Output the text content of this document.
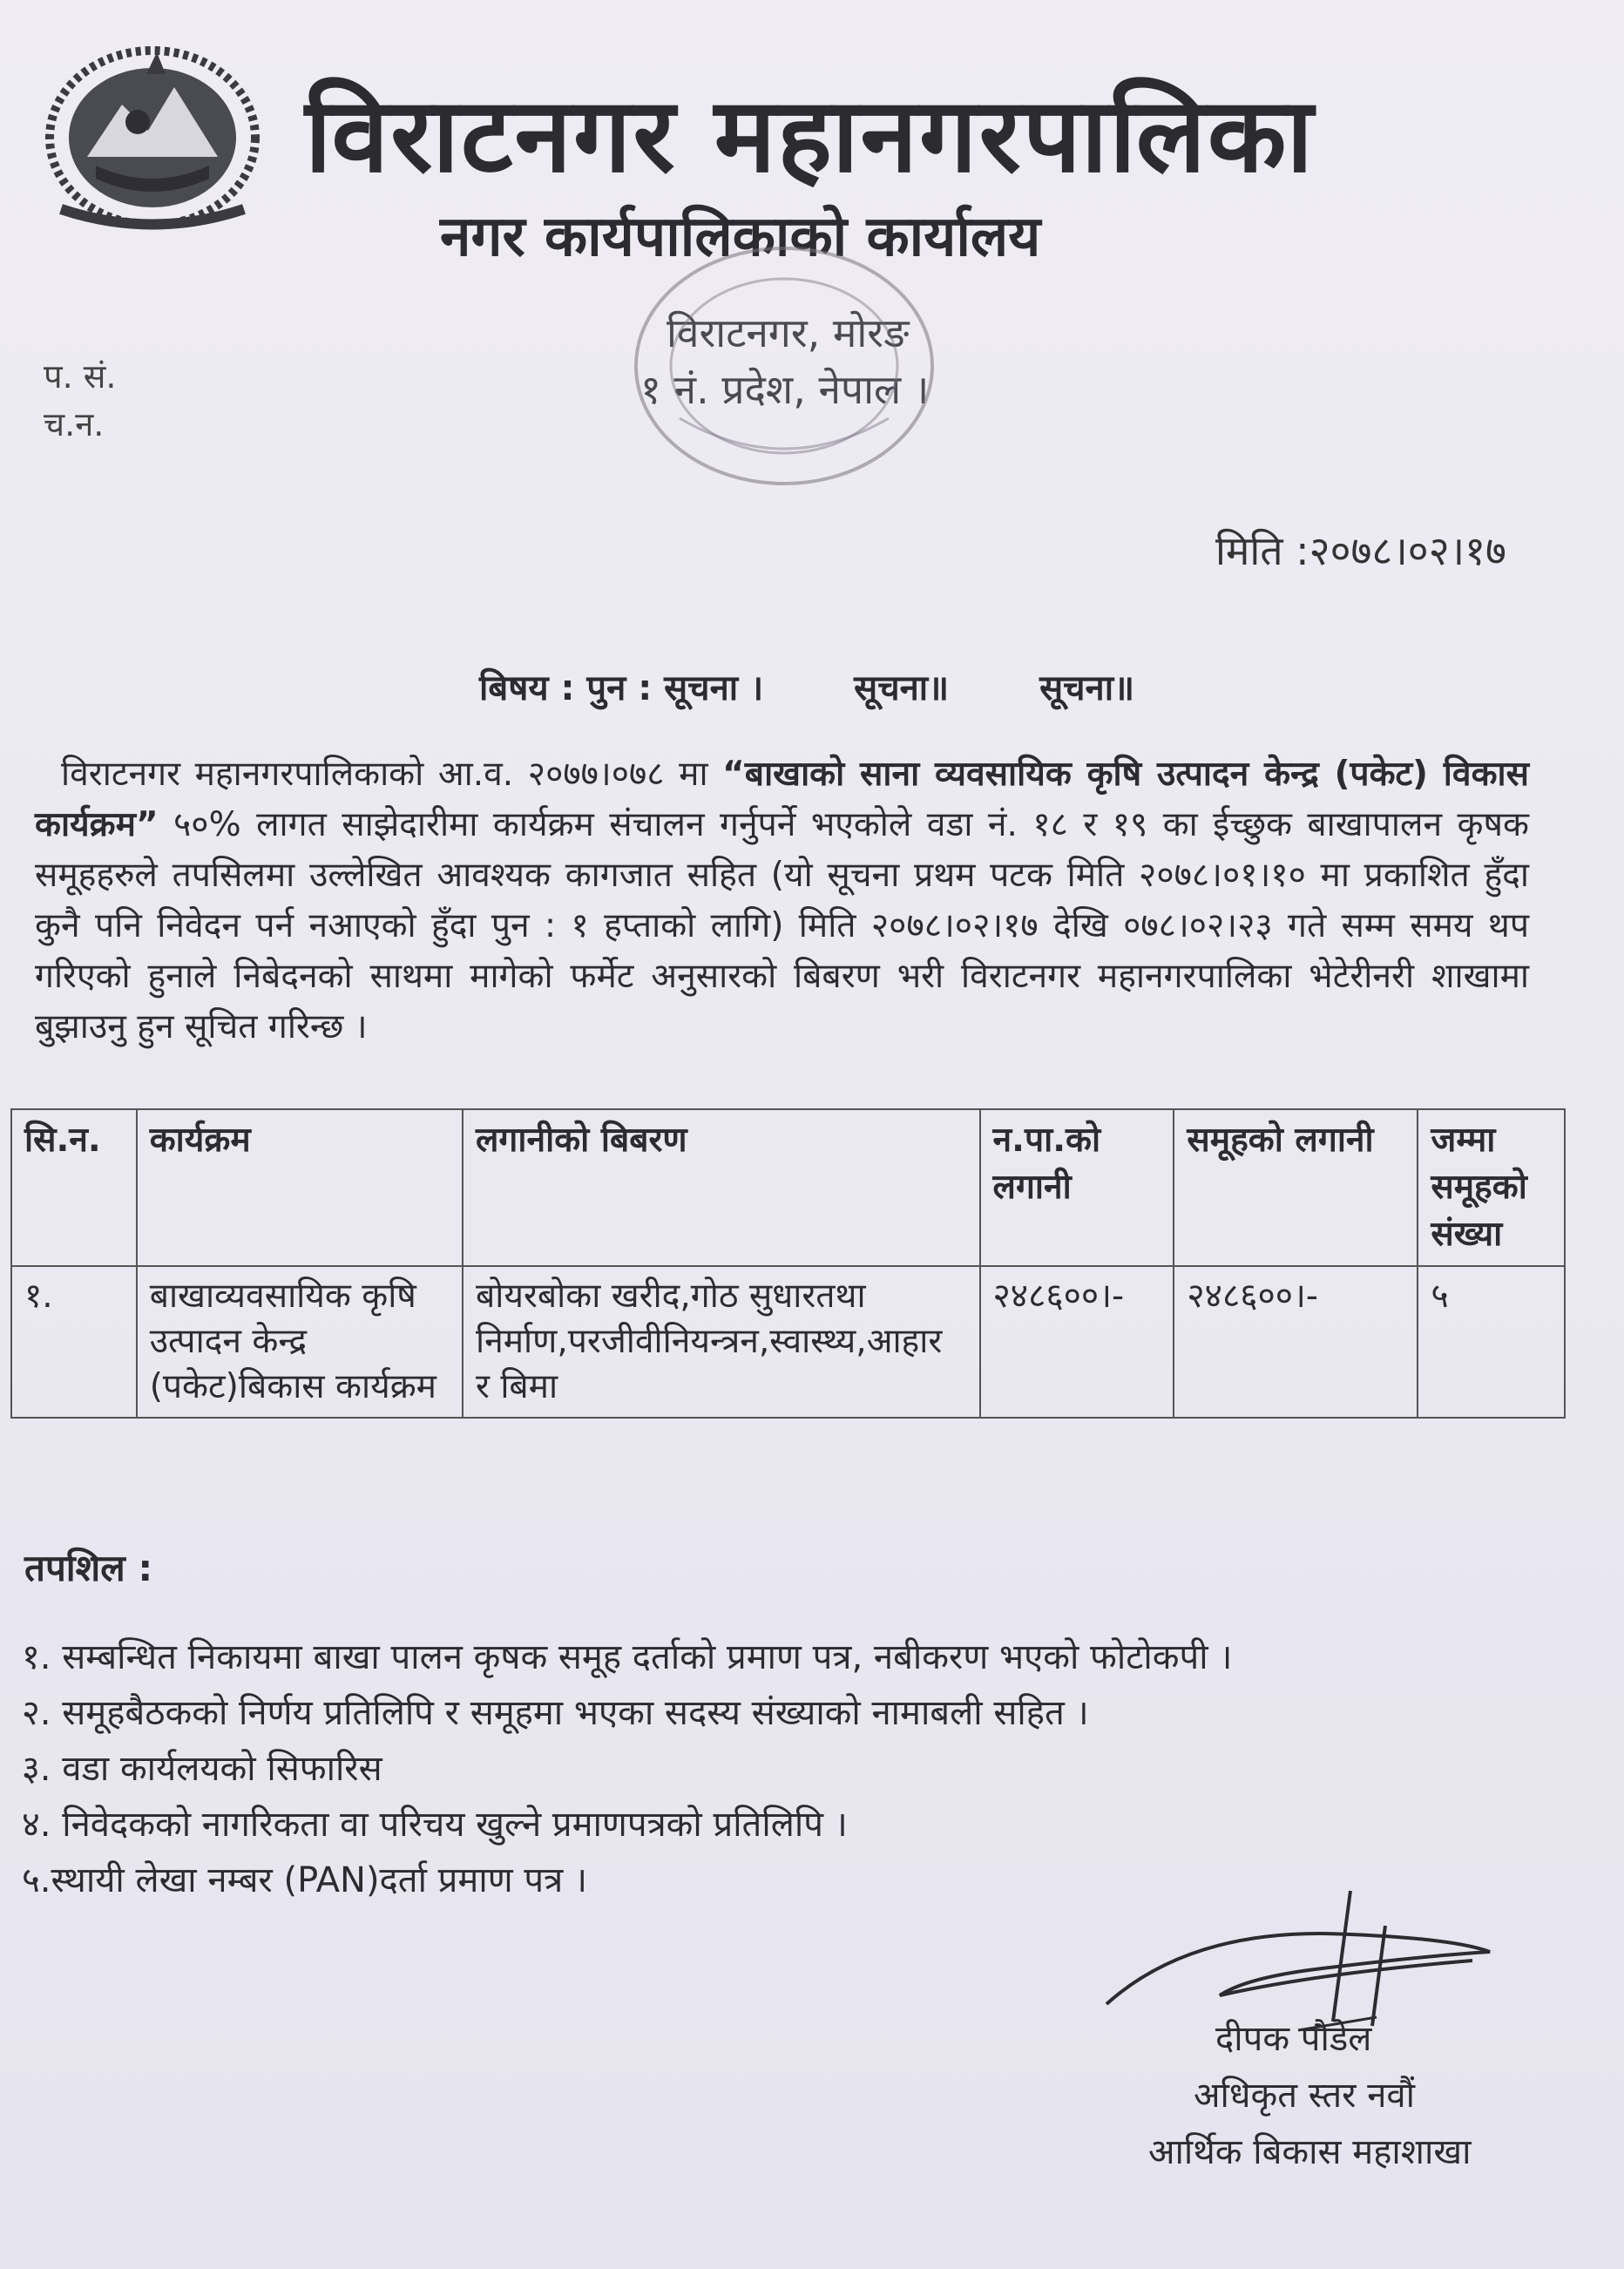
विराटनगर महानगरपालिका
नगर कार्यपालिकाको कार्यालय
विराटनगर, मोरङ
१ नं. प्रदेश, नेपाल ।
प. सं.
च.न.
मिति :२०७८।०२।१७
बिषय : पुन : सूचना ।	सूचना॥	सूचना॥
विराटनगर महानगरपालिकाको आ.व. २०७७।०७८ मा “बाखाको साना व्यवसायिक कृषि उत्पादन केन्द्र (पकेट) विकास कार्यक्रम” ५०% लागत साझेदारीमा कार्यक्रम संचालन गर्नुपर्ने भएकोले वडा नं. १८ र १९ का ईच्छुक बाखापालन कृषक समूहहरुले तपसिलमा उल्लेखित आवश्यक कागजात सहित (यो सूचना प्रथम पटक मिति २०७८।०१।१० मा प्रकाशित हुँदा कुनै पनि निवेदन पर्न नआएको हुँदा पुन : १ हप्ताको लागि) मिति २०७८।०२।१७ देखि ०७८।०२।२३ गते सम्म समय थप गरिएको हुनाले निबेदनको साथमा मागेको फर्मेट अनुसारको बिबरण भरी विराटनगर महानगरपालिका भेटेरीनरी शाखामा बुझाउनु हुन सूचित गरिन्छ ।
सि.न.	कार्यक्रम	लगानीको बिबरण	न.पा.को लगानी	समूहको लगानी	जम्मा समूहको संख्या
१.	बाखाव्यवसायिक कृषि उत्पादन केन्द्र (पकेट)बिकास कार्यक्रम	बोयरबोका खरीद,गोठ सुधारतथा निर्माण,परजीवीनियन्त्रन,स्वास्थ्य,आहार र बिमा	२४८६००।-	२४८६००।-	५
तपशिल :
१. सम्बन्धित निकायमा बाखा पालन कृषक समूह दर्ताको प्रमाण पत्र, नबीकरण भएको फोटोकपी ।
२. समूहबैठकको निर्णय प्रतिलिपि र समूहमा भएका सदस्य संख्याको नामाबली सहित ।
३. वडा कार्यलयको सिफारिस
४. निवेदकको नागरिकता वा परिचय खुल्ने प्रमाणपत्रको प्रतिलिपि ।
५.स्थायी लेखा नम्बर (PAN)दर्ता प्रमाण पत्र ।
दीपक पौडेल
अधिकृत स्तर नवौं
आर्थिक बिकास महाशाखा
